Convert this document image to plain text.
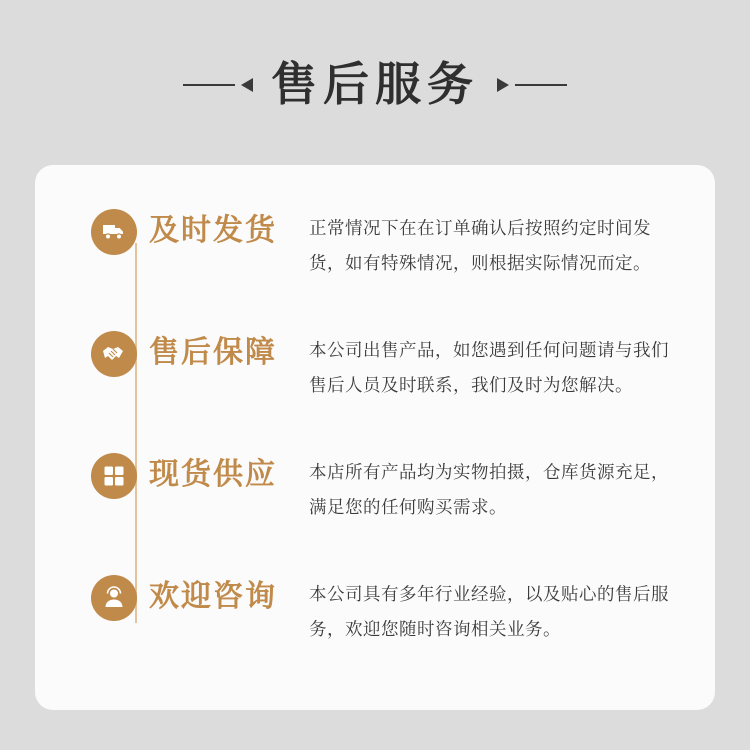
售后服务
及时发货	正常情况下在在订单确认后按照约定时间发货，如有特殊情况，则根据实际情况而定。
售后保障	本公司出售产品，如您遇到任何问题请与我们售后人员及时联系，我们及时为您解决。
现货供应	本店所有产品均为实物拍摄，仓库货源充足，满足您的任何购买需求。
欢迎咨询	本公司具有多年行业经验，以及贴心的售后服务，欢迎您随时咨询相关业务。
